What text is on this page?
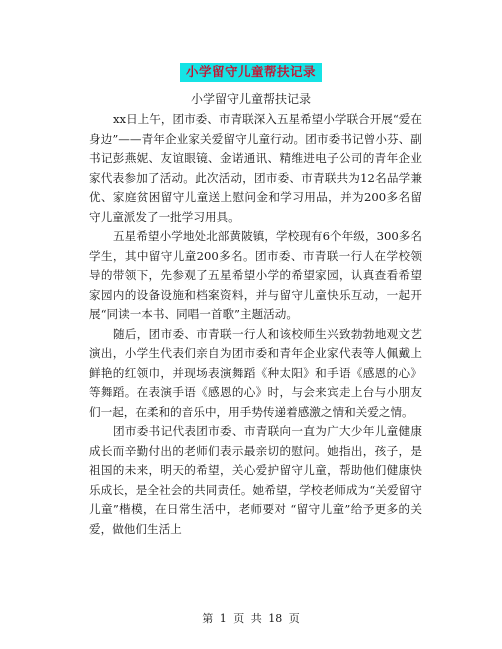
小学留守儿童帮扶记录
小学留守儿童帮扶记录

xx日上午，团市委、市青联深入五星希望小学联合开展“爱在身边”——青年企业家关爱留守儿童行动。团市委书记曾小芬、副书记彭燕妮、友谊眼镜、金诺通讯、精维进电子公司的青年企业家代表参加了活动。此次活动，团市委、市青联共为12名品学兼优、家庭贫困留守儿童送上慰问金和学习用品，并为200多名留守儿童派发了一批学习用具。

五星希望小学地处北部黄陂镇，学校现有6个年级，300多名学生，其中留守儿童200多名。团市委、市青联一行人在学校领导的带领下，先参观了五星希望小学的希望家园，认真查看希望家园内的设备设施和档案资料，并与留守儿童快乐互动，一起开展“同读一本书、同唱一首歌”主题活动。

随后，团市委、市青联一行人和该校师生兴致勃勃地观文艺演出，小学生代表们亲自为团市委和青年企业家代表等人佩戴上鲜艳的红领巾，并现场表演舞蹈《种太阳》和手语《感恩的心》等舞蹈。在表演手语《感恩的心》时，与会来宾走上台与小朋友们一起，在柔和的音乐中，用手势传递着感激之情和关爱之情。

团市委书记代表团市委、市青联向一直为广大少年儿童健康成长而辛勤付出的老师们表示最亲切的慰问。她指出，孩子，是祖国的未来，明天的希望，关心爱护留守儿童，帮助他们健康快乐成长，是全社会的共同责任。她希望，学校老师成为“关爱留守儿童”楷模，在日常生活中，老师要对 “留守儿童”给予更多的关爱，做他们生活上

第 1 页 共 18 页
